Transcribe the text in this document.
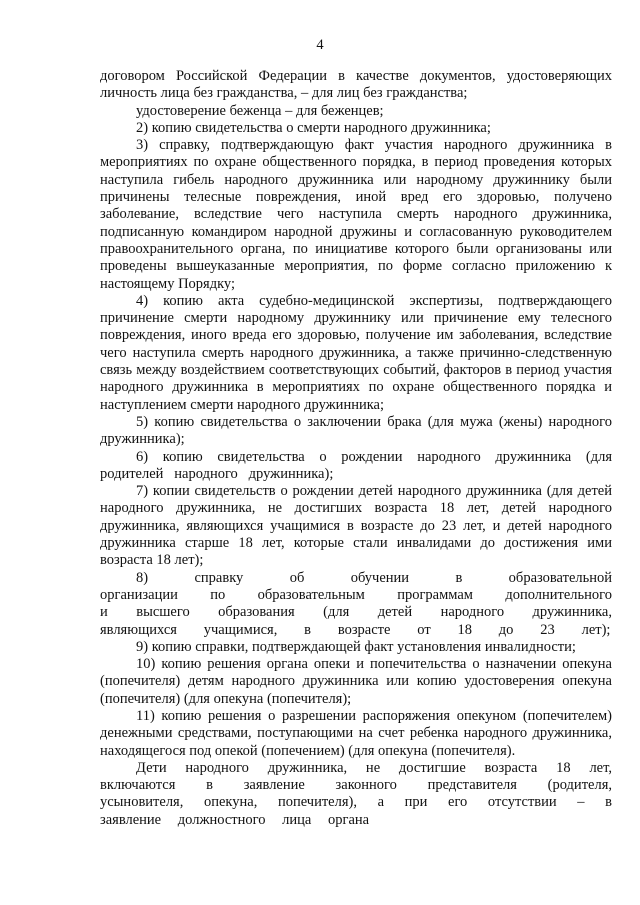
4

договором Российской Федерации в качестве документов, удостоверяющих личность лица без гражданства, – для лиц без гражданства;

удостоверение беженца – для беженцев;

2) копию свидетельства о смерти народного дружинника;

3) справку, подтверждающую факт участия народного дружинника в мероприятиях по охране общественного порядка, в период проведения которых наступила гибель народного дружинника или народному дружиннику были причинены телесные повреждения, иной вред его здоровью, получено заболевание, вследствие чего наступила смерть народного дружинника, подписанную командиром народной дружины и согласованную руководителем правоохранительного органа, по инициативе которого были организованы или проведены вышеуказанные мероприятия, по форме согласно приложению к настоящему Порядку;

4) копию акта судебно-медицинской экспертизы, подтверждающего причинение смерти народному дружиннику или причинение ему телесного повреждения, иного вреда его здоровью, получение им заболевания, вследствие чего наступила смерть народного дружинника, а также причинно-следственную связь между воздействием соответствующих событий, факторов в период участия народного дружинника в мероприятиях по охране общественного порядка и наступлением смерти народного дружинника;

5) копию свидетельства о заключении брака (для мужа (жены) народного дружинника);

6) копию свидетельства о рождении народного дружинника (для родителей народного дружинника);

7) копии свидетельств о рождении детей народного дружинника (для детей народного дружинника, не достигших возраста 18 лет, детей народного дружинника, являющихся учащимися в возрасте до 23 лет, и детей народного дружинника старше 18 лет, которые стали инвалидами до достижения ими возраста 18 лет);

8) справку об обучении в образовательной организации по образовательным программам дополнительного и высшего образования (для детей народного дружинника, являющихся учащимися, в возрасте от 18 до 23 лет);

9) копию справки, подтверждающей факт установления инвалидности;

10) копию решения органа опеки и попечительства о назначении опекуна (попечителя) детям народного дружинника или копию удостоверения опекуна (попечителя) (для опекуна (попечителя);

11) копию решения о разрешении распоряжения опекуном (попечителем) денежными средствами, поступающими на счет ребенка народного дружинника, находящегося под опекой (попечением) (для опекуна (попечителя).

Дети народного дружинника, не достигшие возраста 18 лет, включаются в заявление законного представителя (родителя, усыновителя, опекуна, попечителя), а при его отсутствии – в заявление должностного лица органа
